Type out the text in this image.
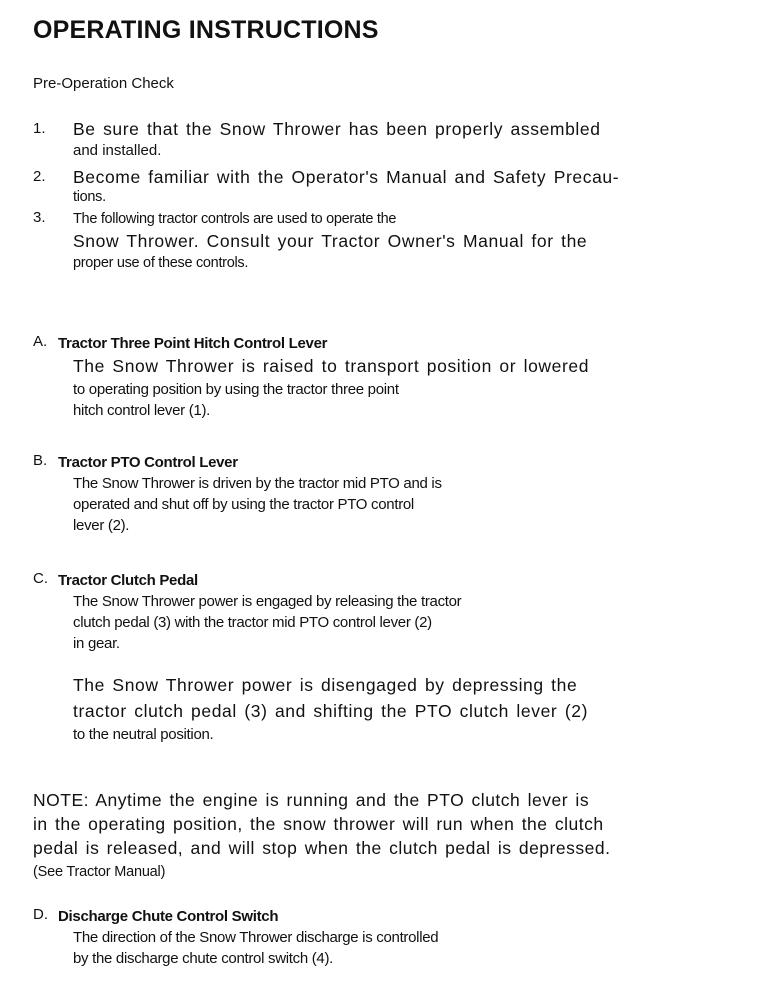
OPERATING INSTRUCTIONS
Pre-Operation Check
1. Be sure that the Snow Thrower has been properly assembled
and installed.
2. Become familiar with the Operator's Manual and Safety Precau-
tions.
3. The following tractor controls are used to operate the
Snow Thrower. Consult your Tractor Owner's Manual for the
proper use of these controls.
A. Tractor Three Point Hitch Control Lever
The Snow Thrower is raised to transport position or lowered
to operating position by using the tractor three point
hitch control lever (1).
B. Tractor PTO Control Lever
The Snow Thrower is driven by the tractor mid PTO and is
operated and shut off by using the tractor PTO control
lever (2).
C. Tractor Clutch Pedal
The Snow Thrower power is engaged by releasing the tractor
clutch pedal (3) with the tractor mid PTO control lever (2)
in gear.
The Snow Thrower power is disengaged by depressing the
tractor clutch pedal (3) and shifting the PTO clutch lever (2)
to the neutral position.
NOTE: Anytime the engine is running and the PTO clutch lever is
in the operating position, the snow thrower will run when the clutch
pedal is released, and will stop when the clutch pedal is depressed.
(See Tractor Manual)
D. Discharge Chute Control Switch
The direction of the Snow Thrower discharge is controlled
by the discharge chute control switch (4).
